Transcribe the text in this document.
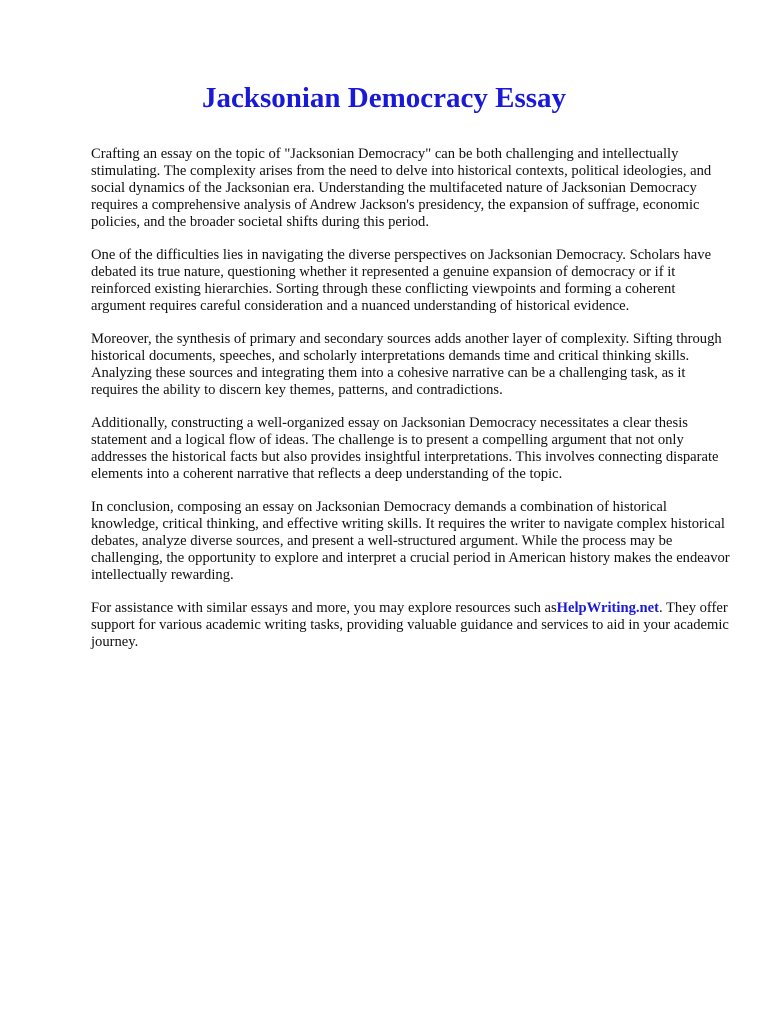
Jacksonian Democracy Essay

Crafting an essay on the topic of "Jacksonian Democracy" can be both challenging and intellectually stimulating. The complexity arises from the need to delve into historical contexts, political ideologies, and social dynamics of the Jacksonian era. Understanding the multifaceted nature of Jacksonian Democracy requires a comprehensive analysis of Andrew Jackson's presidency, the expansion of suffrage, economic policies, and the broader societal shifts during this period.

One of the difficulties lies in navigating the diverse perspectives on Jacksonian Democracy. Scholars have debated its true nature, questioning whether it represented a genuine expansion of democracy or if it reinforced existing hierarchies. Sorting through these conflicting viewpoints and forming a coherent argument requires careful consideration and a nuanced understanding of historical evidence.

Moreover, the synthesis of primary and secondary sources adds another layer of complexity. Sifting through historical documents, speeches, and scholarly interpretations demands time and critical thinking skills. Analyzing these sources and integrating them into a cohesive narrative can be a challenging task, as it requires the ability to discern key themes, patterns, and contradictions.

Additionally, constructing a well-organized essay on Jacksonian Democracy necessitates a clear thesis statement and a logical flow of ideas. The challenge is to present a compelling argument that not only addresses the historical facts but also provides insightful interpretations. This involves connecting disparate elements into a coherent narrative that reflects a deep understanding of the topic.

In conclusion, composing an essay on Jacksonian Democracy demands a combination of historical knowledge, critical thinking, and effective writing skills. It requires the writer to navigate complex historical debates, analyze diverse sources, and present a well-structured argument. While the process may be challenging, the opportunity to explore and interpret a crucial period in American history makes the endeavor intellectually rewarding.

For assistance with similar essays and more, you may explore resources such asHelpWriting.net. They offer support for various academic writing tasks, providing valuable guidance and services to aid in your academic journey.
